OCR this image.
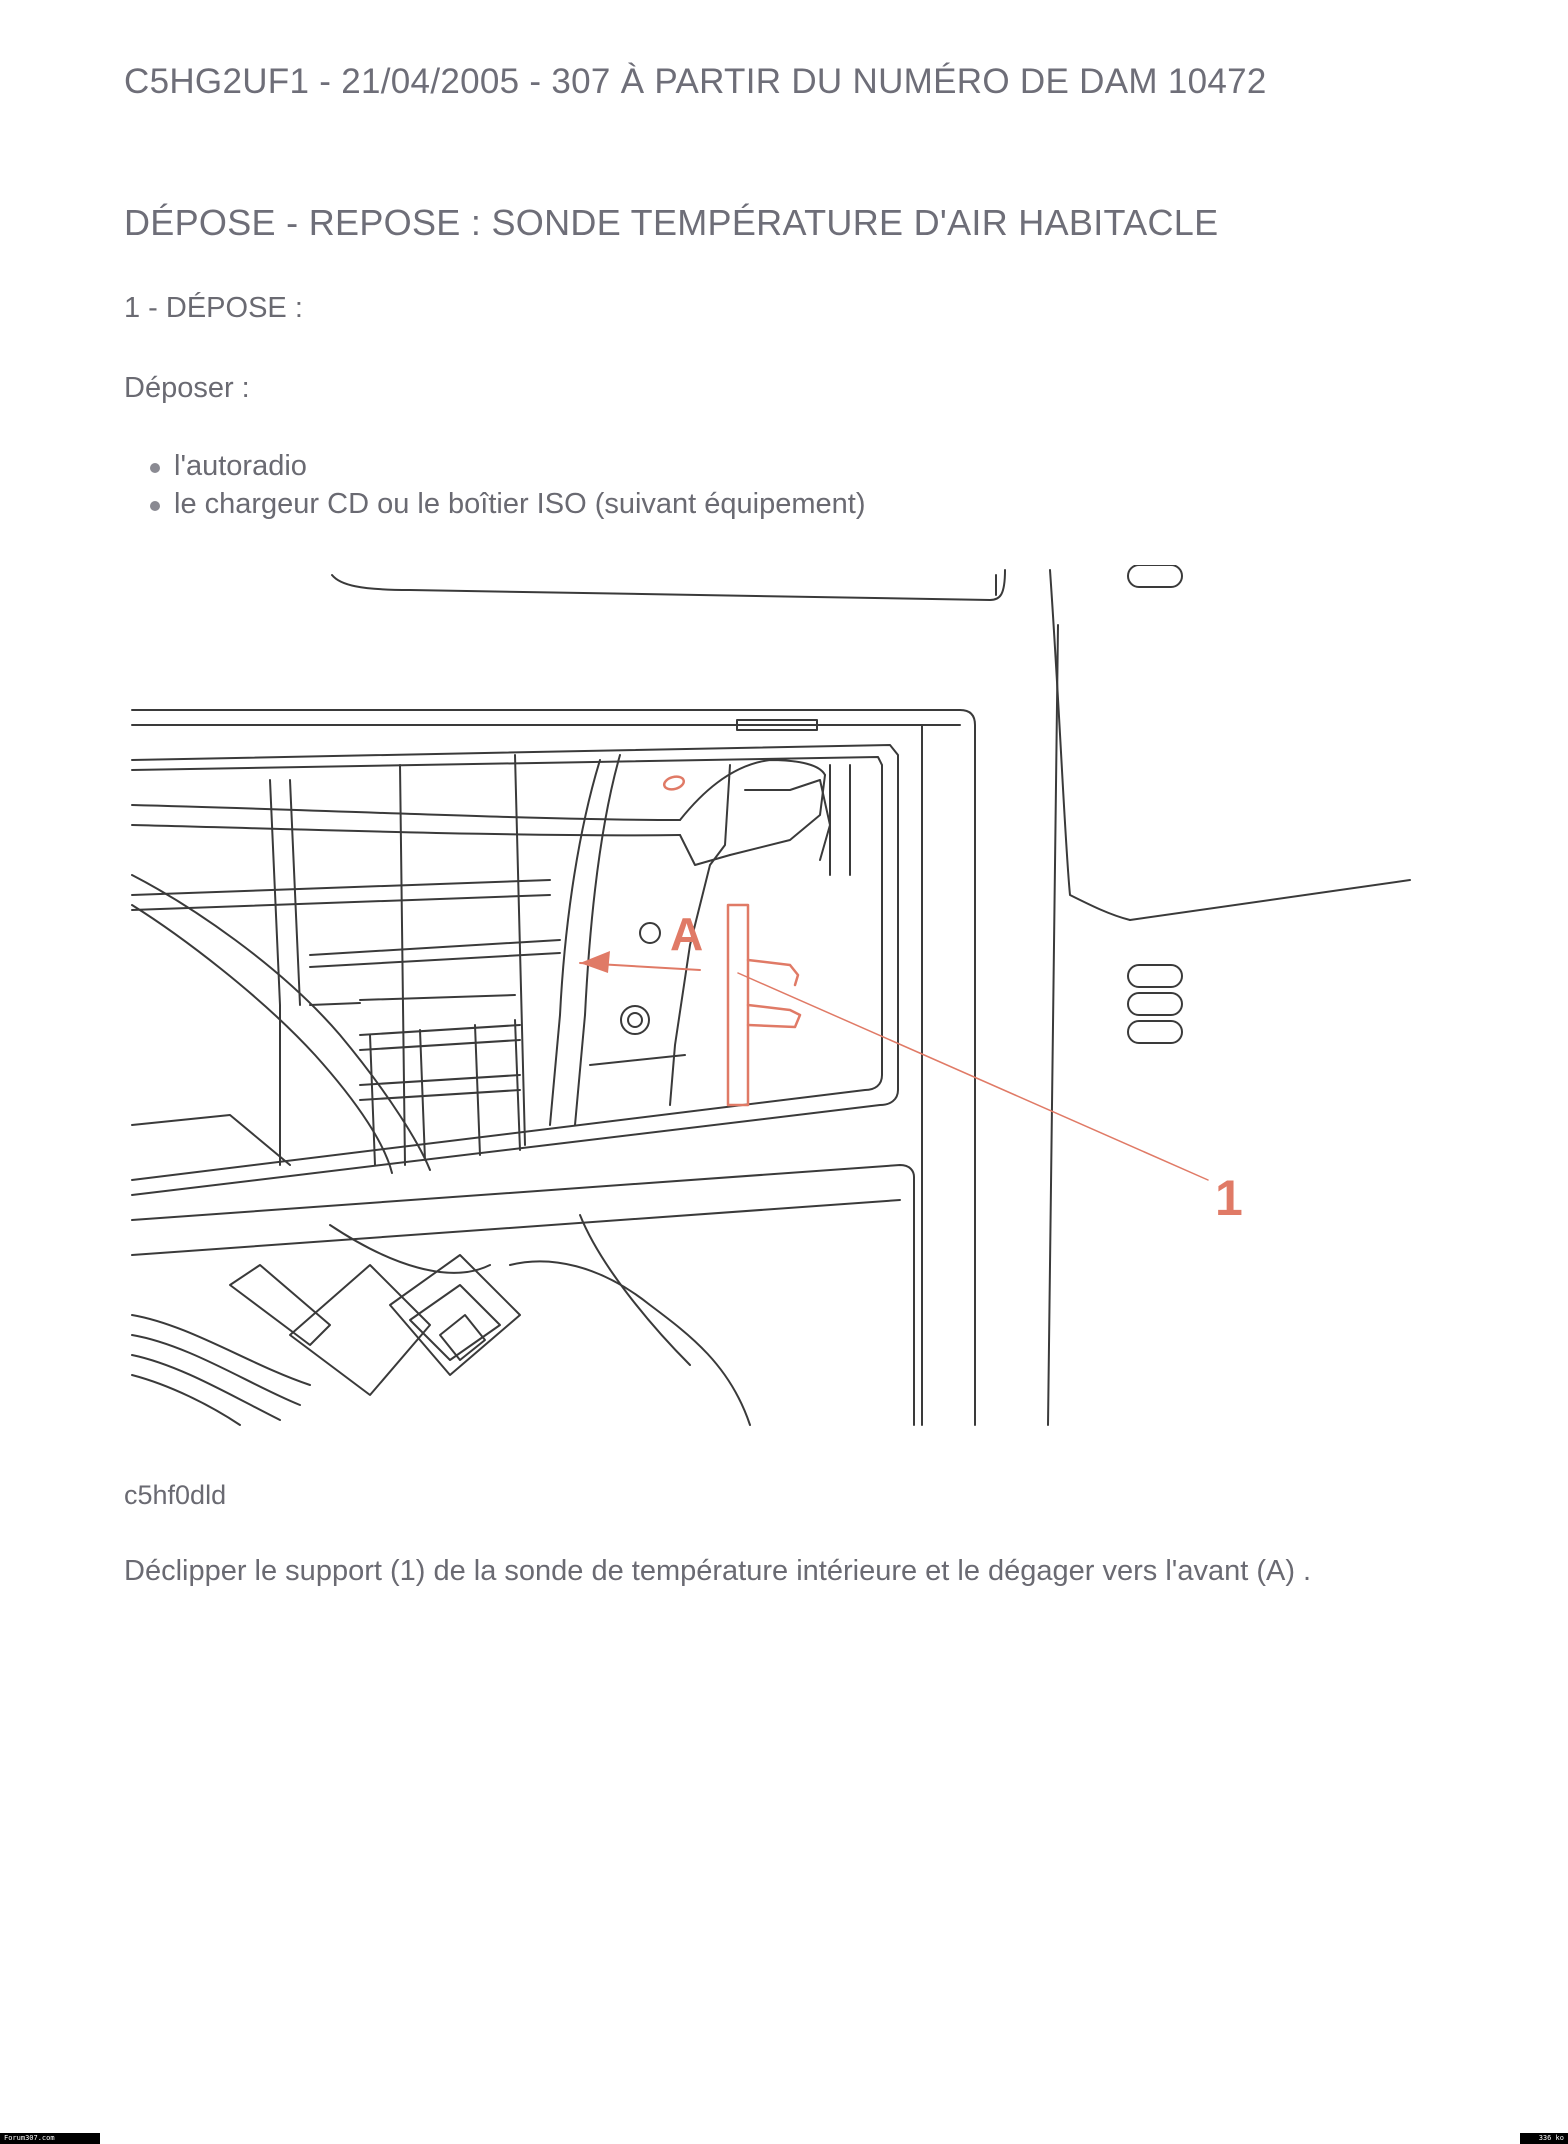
C5HG2UF1 - 21/04/2005 - 307 À PARTIR DU NUMÉRO DE DAM 10472
DÉPOSE - REPOSE : SONDE TEMPÉRATURE D'AIR HABITACLE
1 - DÉPOSE :
Déposer :
l'autoradio
le chargeur CD ou le boîtier ISO (suivant équipement)
A
1
c5hf0dld
Déclipper le support (1) de la sonde de température intérieure et le dégager vers l'avant (A) .
Forum307.com	336 ko
